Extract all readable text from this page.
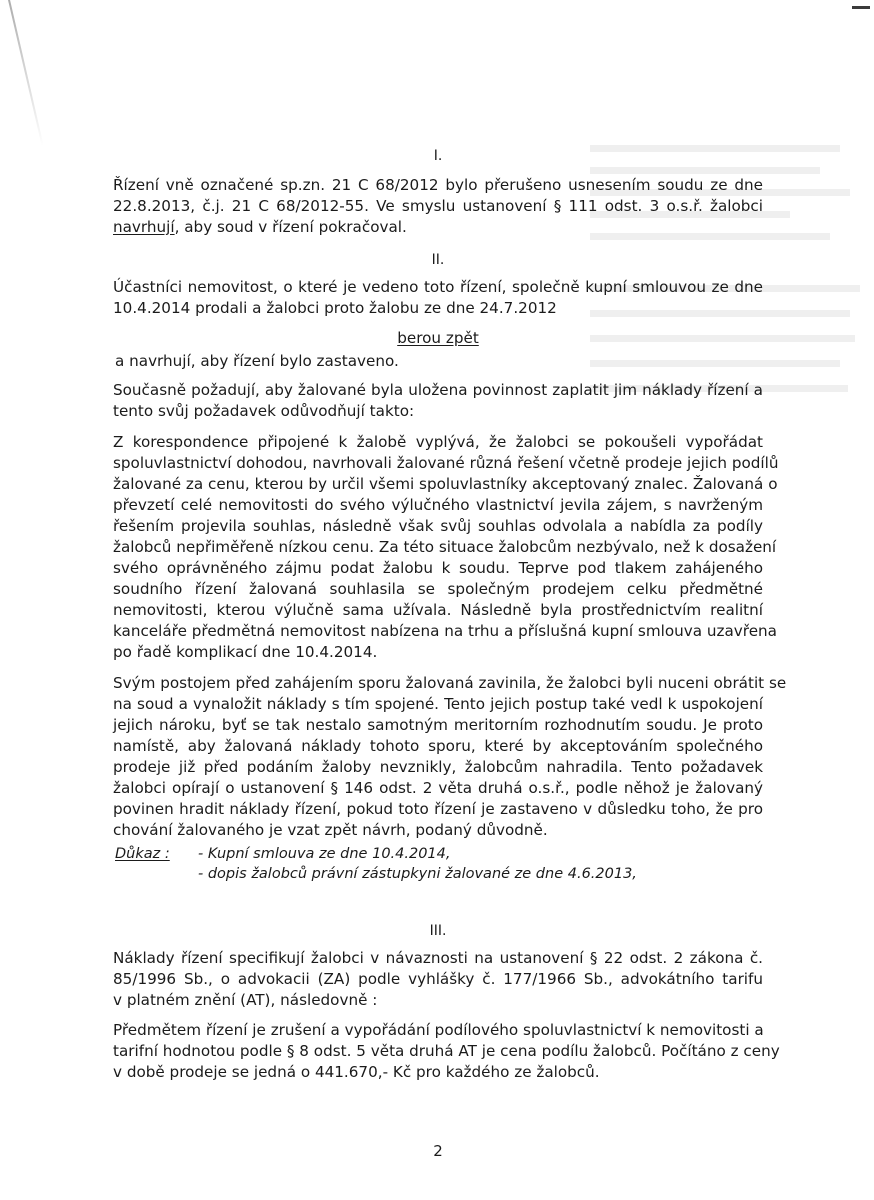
I.
Řízení vně označené sp.zn. 21 C 68/2012 bylo přerušeno usnesením soudu ze dne
22.8.2013, č.j. 21 C 68/2012-55. Ve smyslu ustanovení § 111 odst. 3 o.s.ř. žalobci
navrhují, aby soud v řízení pokračoval.
II.
Účastníci nemovitost, o které je vedeno toto řízení, společně kupní smlouvou ze dne
10.4.2014 prodali a žalobci proto žalobu ze dne 24.7.2012
berou zpět
a navrhují, aby řízení bylo zastaveno.
Současně požadují, aby žalované byla uložena povinnost zaplatit jim náklady řízení a
tento svůj požadavek odůvodňují takto:
Z korespondence připojené k žalobě vyplývá, že žalobci se pokoušeli vypořádat
spoluvlastnictví dohodou, navrhovali žalované různá řešení včetně prodeje jejich podílů
žalované za cenu, kterou by určil všemi spoluvlastníky akceptovaný znalec. Žalovaná o
převzetí celé nemovitosti do svého výlučného vlastnictví jevila zájem, s navrženým
řešením projevila souhlas, následně však svůj souhlas odvolala a nabídla za podíly
žalobců nepřiměřeně nízkou cenu. Za této situace žalobcům nezbývalo, než k dosažení
svého oprávněného zájmu podat žalobu k soudu. Teprve pod tlakem zahájeného
soudního řízení žalovaná souhlasila se společným prodejem celku předmětné
nemovitosti, kterou výlučně sama užívala. Následně byla prostřednictvím realitní
kanceláře předmětná nemovitost nabízena na trhu a příslušná kupní smlouva uzavřena
po řadě komplikací dne 10.4.2014.
Svým postojem před zahájením sporu žalovaná zavinila, že žalobci byli nuceni obrátit se
na soud a vynaložit náklady s tím spojené. Tento jejich postup také vedl k uspokojení
jejich nároku, byť se tak nestalo samotným meritorním rozhodnutím soudu. Je proto
namístě, aby žalovaná náklady tohoto sporu, které by akceptováním společného
prodeje již před podáním žaloby nevznikly, žalobcům nahradila. Tento požadavek
žalobci opírají o ustanovení § 146 odst. 2 věta druhá o.s.ř., podle něhož je žalovaný
povinen hradit náklady řízení, pokud toto řízení je zastaveno v důsledku toho, že pro
chování žalovaného je vzat zpět návrh, podaný důvodně.
Důkaz : - Kupní smlouva ze dne 10.4.2014,
- dopis žalobců právní zástupkyni žalované ze dne 4.6.2013,
III.
Náklady řízení specifikují žalobci v návaznosti na ustanovení § 22 odst. 2 zákona č.
85/1996 Sb., o advokacii (ZA) podle vyhlášky č. 177/1966 Sb., advokátního tarifu
v platném znění (AT), následovně :
Předmětem řízení je zrušení a vypořádání podílového spoluvlastnictví k nemovitosti a
tarifní hodnotou podle § 8 odst. 5 věta druhá AT je cena podílu žalobců. Počítáno z ceny
v době prodeje se jedná o 441.670,- Kč pro každého ze žalobců.
2
